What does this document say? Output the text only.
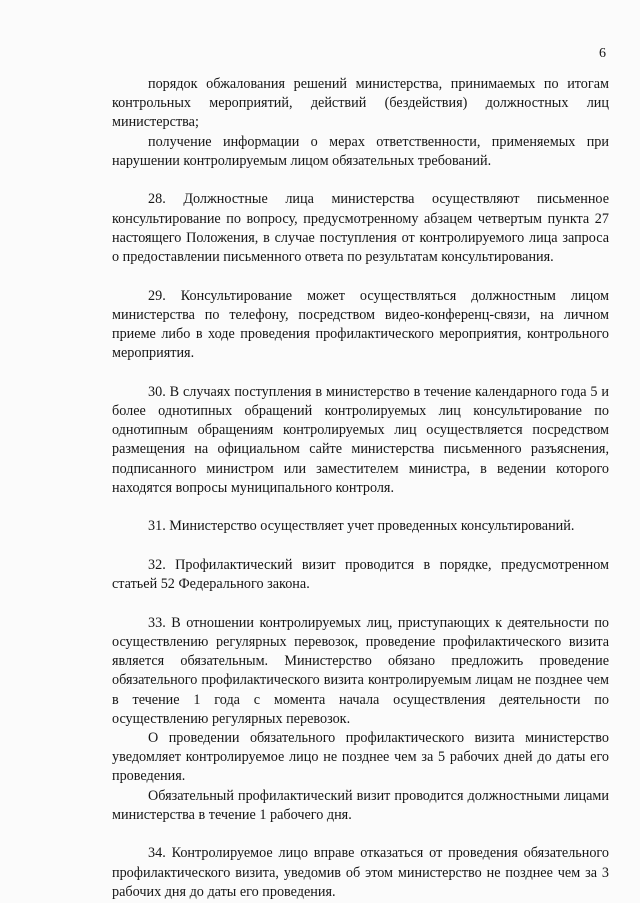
6

порядок обжалования решений министерства, принимаемых по итогам контрольных мероприятий, действий (бездействия) должностных лиц министерства;

получение информации о мерах ответственности, применяемых при нарушении контролируемым лицом обязательных требований.

28. Должностные лица министерства осуществляют письменное консультирование по вопросу, предусмотренному абзацем четвертым пункта 27 настоящего Положения, в случае поступления от контролируемого лица запроса о предоставлении письменного ответа по результатам консультирования.

29. Консультирование может осуществляться должностным лицом министерства по телефону, посредством видео-конференц-связи, на личном приеме либо в ходе проведения профилактического мероприятия, контрольного мероприятия.

30. В случаях поступления в министерство в течение календарного года 5 и более однотипных обращений контролируемых лиц консультирование по однотипным обращениям контролируемых лиц осуществляется посредством размещения на официальном сайте министерства письменного разъяснения, подписанного министром или заместителем министра, в ведении которого находятся вопросы муниципального контроля.

31. Министерство осуществляет учет проведенных консультирований.

32. Профилактический визит проводится в порядке, предусмотренном статьей 52 Федерального закона.

33. В отношении контролируемых лиц, приступающих к деятельности по осуществлению регулярных перевозок, проведение профилактического визита является обязательным. Министерство обязано предложить проведение обязательного профилактического визита контролируемым лицам не позднее чем в течение 1 года с момента начала осуществления деятельности по осуществлению регулярных перевозок.

О проведении обязательного профилактического визита министерство уведомляет контролируемое лицо не позднее чем за 5 рабочих дней до даты его проведения.

Обязательный профилактический визит проводится должностными лицами министерства в течение 1 рабочего дня.

34. Контролируемое лицо вправе отказаться от проведения обязательного профилактического визита, уведомив об этом министерство не позднее чем за 3 рабочих дня до даты его проведения.
